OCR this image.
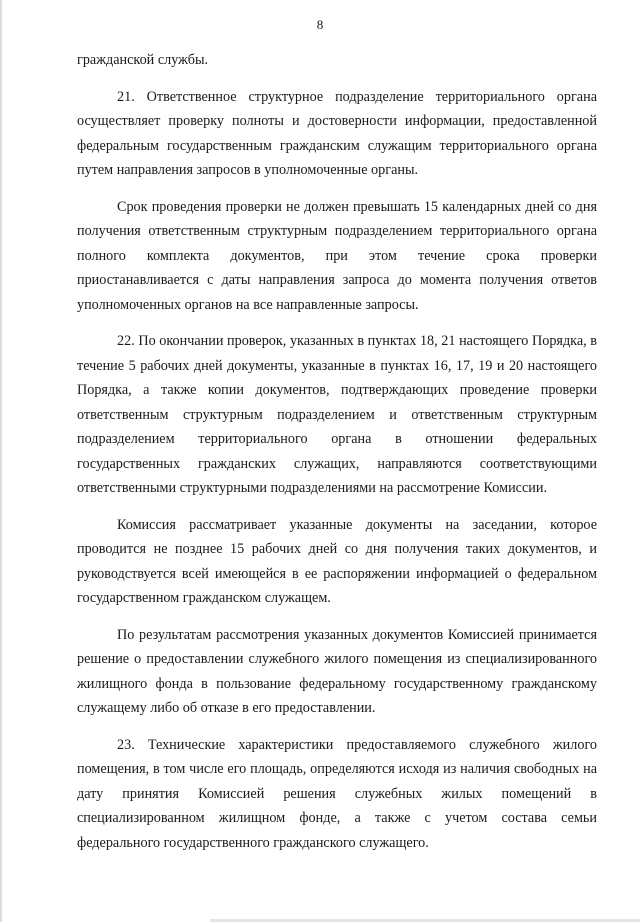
8

гражданской службы.

21. Ответственное структурное подразделение территориального органа осуществляет проверку полноты и достоверности информации, предоставленной федеральным государственным гражданским служащим территориального органа путем направления запросов в уполномоченные органы.

Срок проведения проверки не должен превышать 15 календарных дней со дня получения ответственным структурным подразделением территориального органа полного комплекта документов, при этом течение срока проверки приостанавливается с даты направления запроса до момента получения ответов уполномоченных органов на все направленные запросы.

22. По окончании проверок, указанных в пунктах 18, 21 настоящего Порядка, в течение 5 рабочих дней документы, указанные в пунктах 16, 17, 19 и 20 настоящего Порядка, а также копии документов, подтверждающих проведение проверки ответственным структурным подразделением и ответственным структурным подразделением территориального органа в отношении федеральных государственных гражданских служащих, направляются соответствующими ответственными структурными подразделениями на рассмотрение Комиссии.

Комиссия рассматривает указанные документы на заседании, которое проводится не позднее 15 рабочих дней со дня получения таких документов, и руководствуется всей имеющейся в ее распоряжении информацией о федеральном государственном гражданском служащем.

По результатам рассмотрения указанных документов Комиссией принимается решение о предоставлении служебного жилого помещения из специализированного жилищного фонда в пользование федеральному государственному гражданскому служащему либо об отказе в его предоставлении.

23. Технические характеристики предоставляемого служебного жилого помещения, в том числе его площадь, определяются исходя из наличия свободных на дату принятия Комиссией решения служебных жилых помещений в специализированном жилищном фонде, а также с учетом состава семьи федерального государственного гражданского служащего.
